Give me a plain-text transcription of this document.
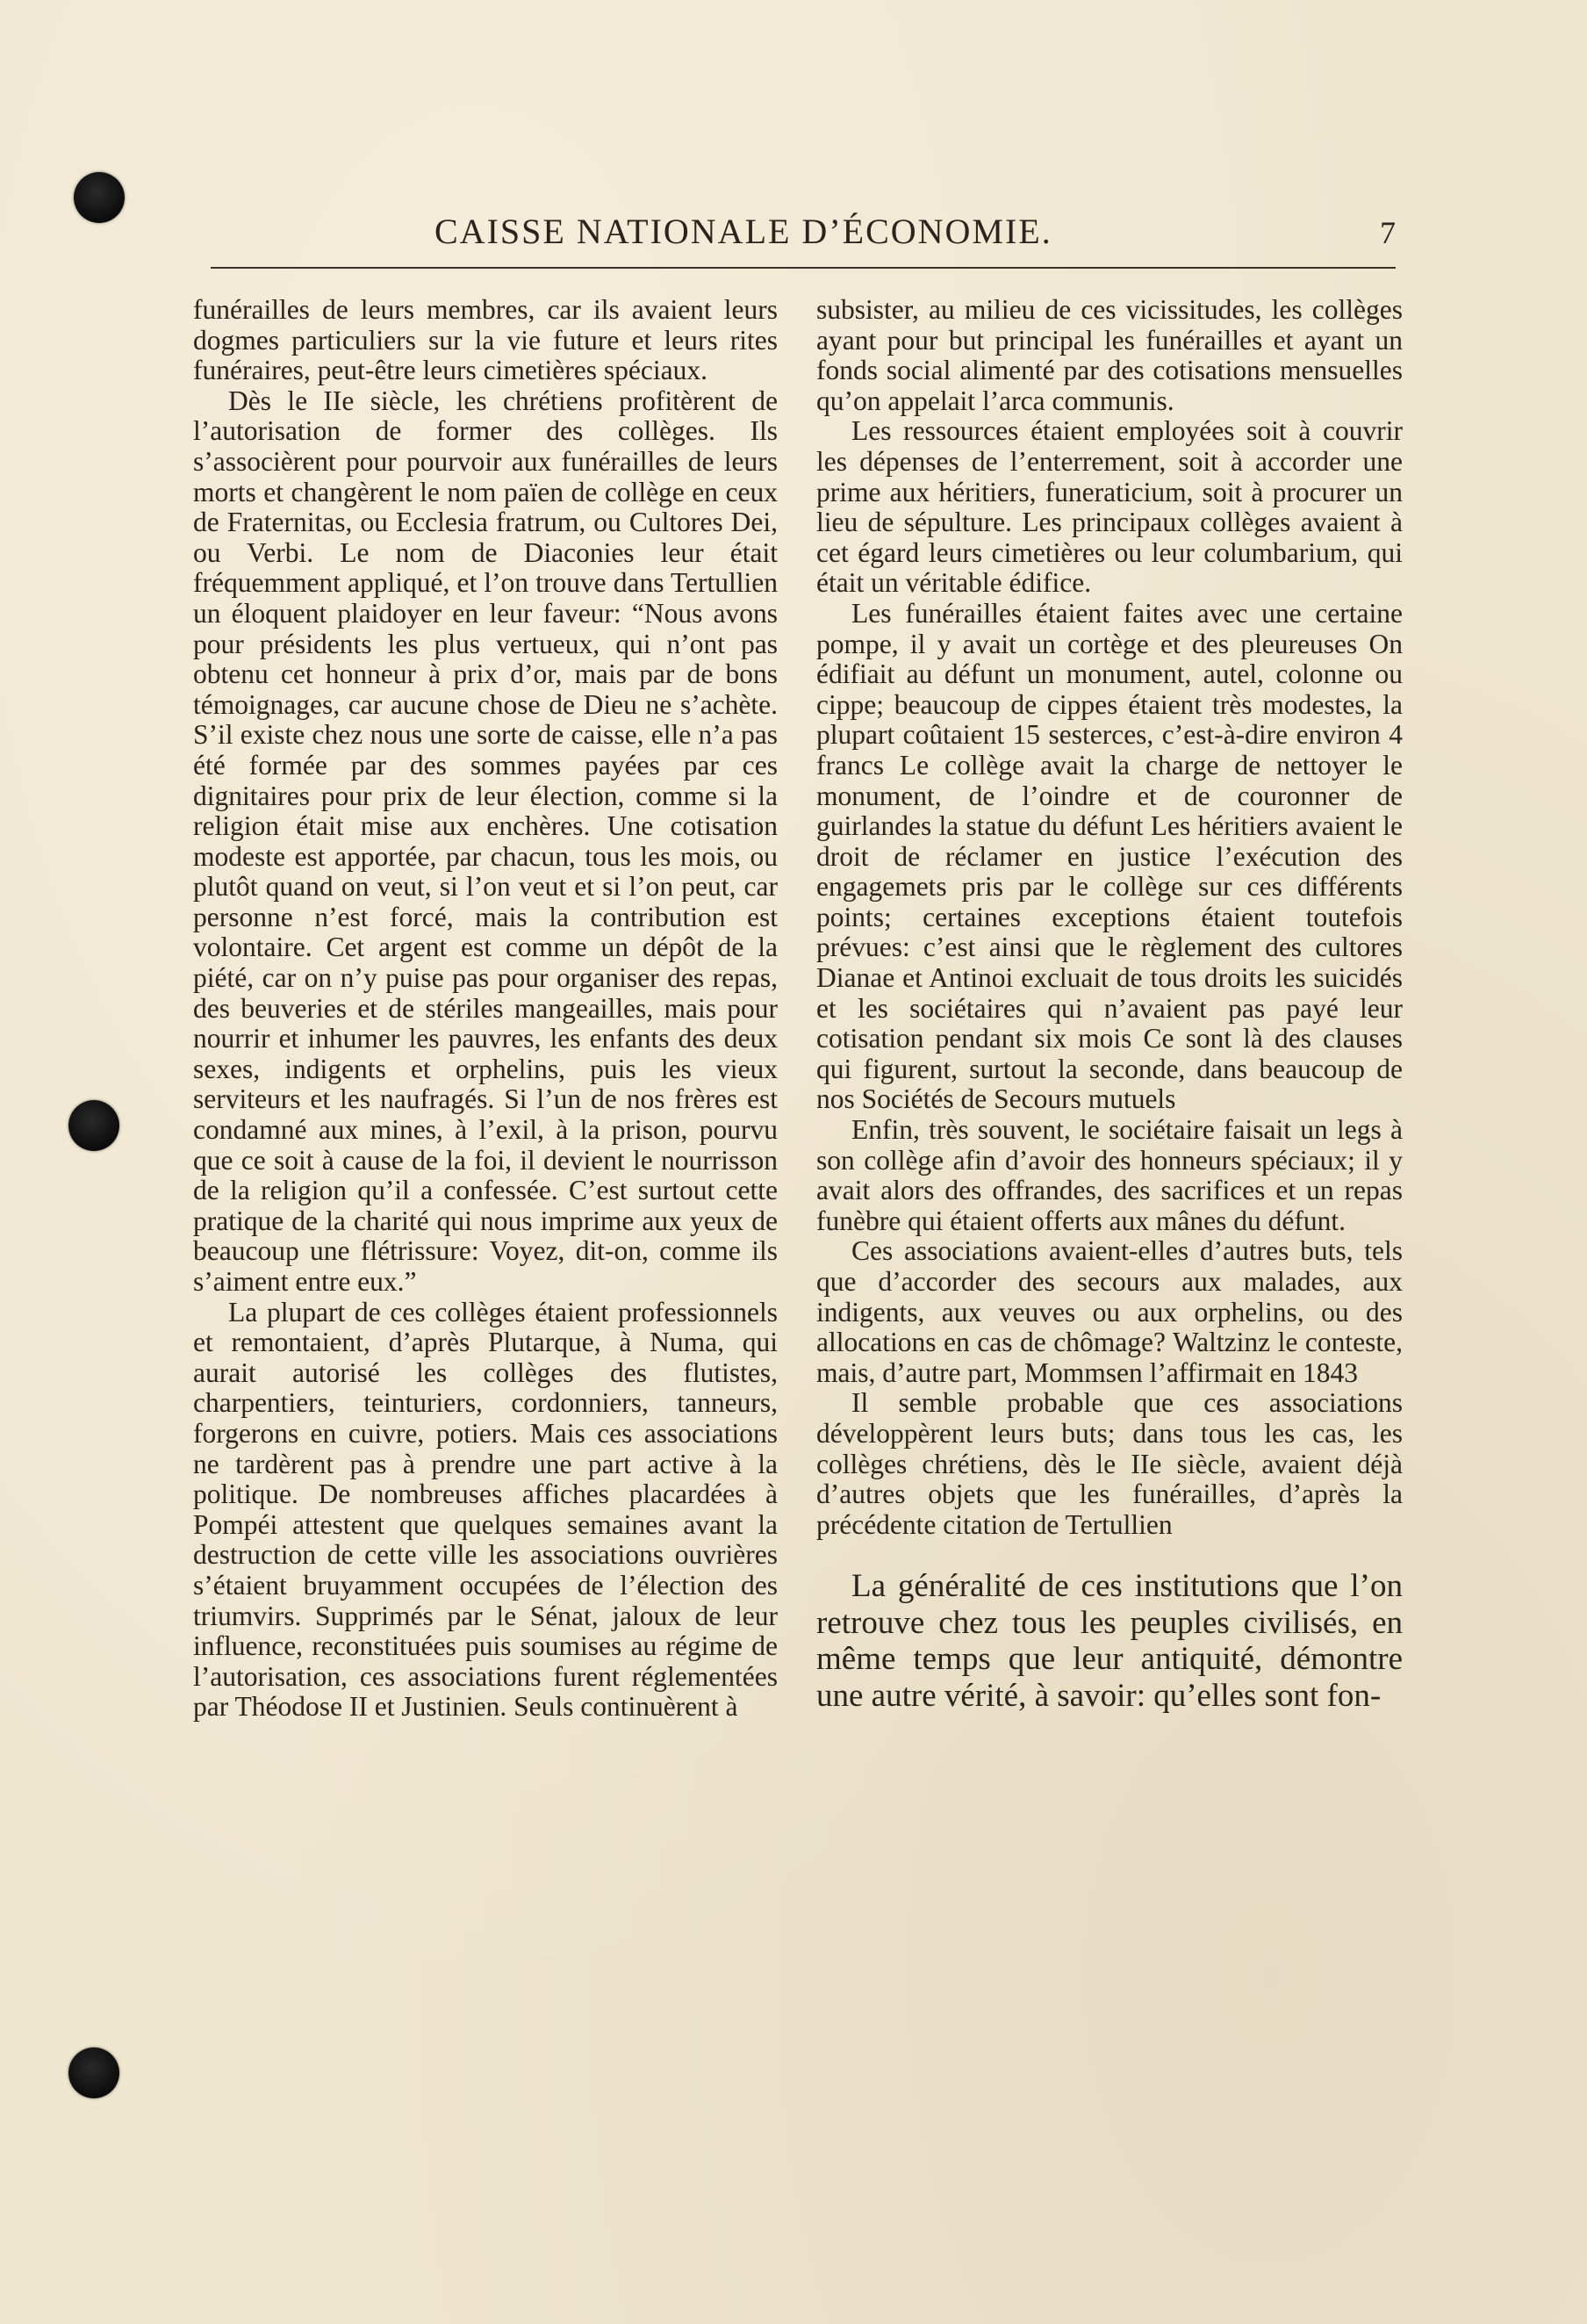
CAISSE NATIONALE D’ÉCONOMIE.	7

funérailles de leurs membres, car ils avaient leurs dogmes particuliers sur la vie future et leurs rites funéraires, peut-être leurs cimetières spéciaux.

Dès le IIe siècle, les chrétiens profitèrent de l’autorisation de former des collèges. Ils s’associèrent pour pourvoir aux funérailles de leurs morts et changèrent le nom païen de collège en ceux de Fraternitas, ou Ecclesia fratrum, ou Cultores Dei, ou Verbi. Le nom de Diaconies leur était fréquemment appliqué, et l’on trouve dans Tertullien un éloquent plaidoyer en leur faveur: “Nous avons pour présidents les plus vertueux, qui n’ont pas obtenu cet honneur à prix d’or, mais par de bons témoignages, car aucune chose de Dieu ne s’achète. S’il existe chez nous une sorte de caisse, elle n’a pas été formée par des sommes payées par ces dignitaires pour prix de leur élection, comme si la religion était mise aux enchères. Une cotisation modeste est apportée, par chacun, tous les mois, ou plutôt quand on veut, si l’on veut et si l’on peut, car personne n’est forcé, mais la contribution est volontaire. Cet argent est comme un dépôt de la piété, car on n’y puise pas pour organiser des repas, des beuveries et de stériles mangeailles, mais pour nourrir et inhumer les pauvres, les enfants des deux sexes, indigents et orphelins, puis les vieux serviteurs et les naufragés. Si l’un de nos frères est condamné aux mines, à l’exil, à la prison, pourvu que ce soit à cause de la foi, il devient le nourrisson de la religion qu’il a confessée. C’est surtout cette pratique de la charité qui nous imprime aux yeux de beaucoup une flétrissure: Voyez, dit-on, comme ils s’aiment entre eux.”

La plupart de ces collèges étaient professionnels et remontaient, d’après Plutarque, à Numa, qui aurait autorisé les collèges des flutistes, charpentiers, teinturiers, cordonniers, tanneurs, forgerons en cuivre, potiers. Mais ces associations ne tardèrent pas à prendre une part active à la politique. De nombreuses affiches placardées à Pompéi attestent que quelques semaines avant la destruction de cette ville les associations ouvrières s’étaient bruyamment occupées de l’élection des triumvirs. Supprimés par le Sénat, jaloux de leur influence, reconstituées puis soumises au régime de l’autorisation, ces associations furent réglementées par Théodose II et Justinien. Seuls continuèrent à

subsister, au milieu de ces vicissitudes, les collèges ayant pour but principal les funérailles et ayant un fonds social alimenté par des cotisations mensuelles qu’on appelait l’arca communis.

Les ressources étaient employées soit à couvrir les dépenses de l’enterrement, soit à accorder une prime aux héritiers, funeraticium, soit à procurer un lieu de sépulture. Les principaux collèges avaient à cet égard leurs cimetières ou leur columbarium, qui était un véritable édifice.

Les funérailles étaient faites avec une certaine pompe, il y avait un cortège et des pleureuses On édifiait au défunt un monument, autel, colonne ou cippe; beaucoup de cippes étaient très modestes, la plupart coûtaient 15 sesterces, c’est-à-dire environ 4 francs Le collège avait la charge de nettoyer le monument, de l’oindre et de couronner de guirlandes la statue du défunt Les héritiers avaient le droit de réclamer en justice l’exécution des engagemets pris par le collège sur ces différents points; certaines exceptions étaient toutefois prévues: c’est ainsi que le règlement des cultores Dianae et Antinoi excluait de tous droits les suicidés et les sociétaires qui n’avaient pas payé leur cotisation pendant six mois Ce sont là des clauses qui figurent, surtout la seconde, dans beaucoup de nos Sociétés de Secours mutuels

Enfin, très souvent, le sociétaire faisait un legs à son collège afin d’avoir des honneurs spéciaux; il y avait alors des offrandes, des sacrifices et un repas funèbre qui étaient offerts aux mânes du défunt.

Ces associations avaient-elles d’autres buts, tels que d’accorder des secours aux malades, aux indigents, aux veuves ou aux orphelins, ou des allocations en cas de chômage? Waltzinz le conteste, mais, d’autre part, Mommsen l’affirmait en 1843

Il semble probable que ces associations développèrent leurs buts; dans tous les cas, les collèges chrétiens, dès le IIe siècle, avaient déjà d’autres objets que les funérailles, d’après la précédente citation de Tertullien

La généralité de ces institutions que l’on retrouve chez tous les peuples civilisés, en même temps que leur antiquité, démontre une autre vérité, à savoir: qu’elles sont fon-
